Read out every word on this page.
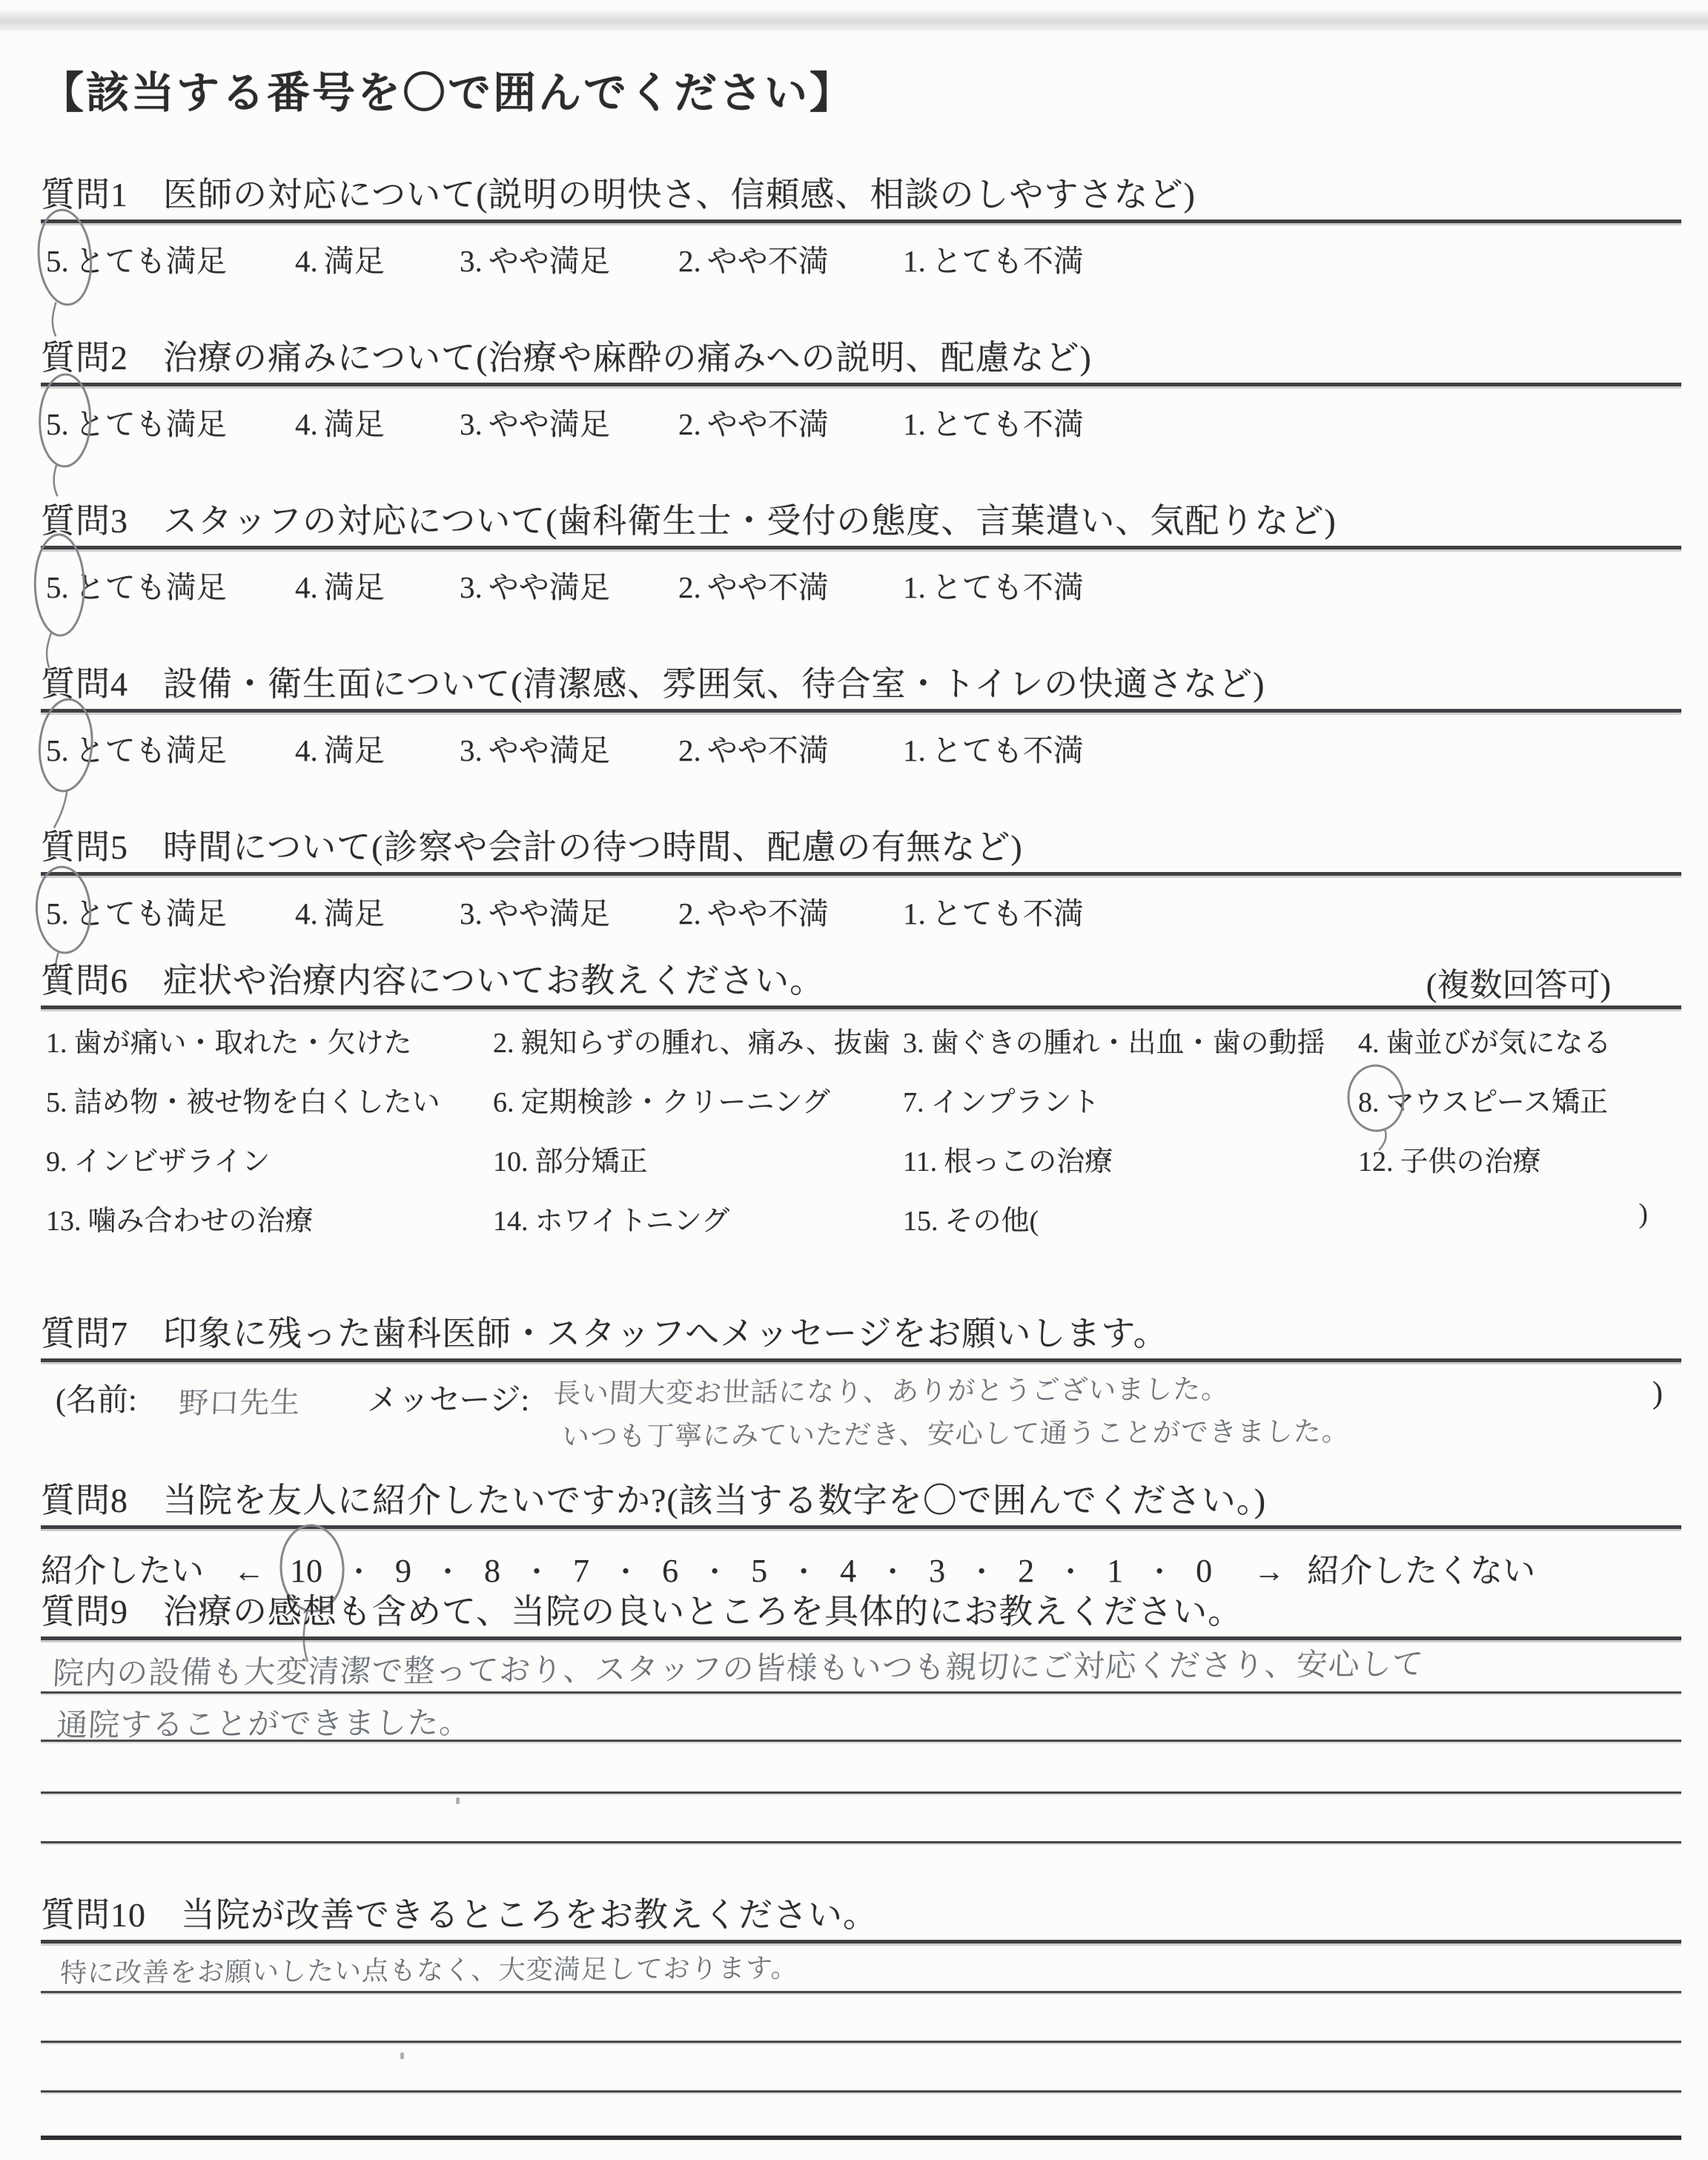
【該当する番号を〇で囲んでください】
質問1　医師の対応について(説明の明快さ、信頼感、相談のしやすさなど)
5. とても満足 4. 満足 3. やや満足 2. やや不満 1. とても不満
質問2　治療の痛みについて(治療や麻酔の痛みへの説明、配慮など)
5. とても満足 4. 満足 3. やや満足 2. やや不満 1. とても不満
質問3　スタッフの対応について(歯科衛生士・受付の態度、言葉遣い、気配りなど)
5. とても満足 4. 満足 3. やや満足 2. やや不満 1. とても不満
質問4　設備・衛生面について(清潔感、雰囲気、待合室・トイレの快適さなど)
5. とても満足 4. 満足 3. やや満足 2. やや不満 1. とても不満
質問5　時間について(診察や会計の待つ時間、配慮の有無など)
5. とても満足 4. 満足 3. やや満足 2. やや不満 1. とても不満
質問6　症状や治療内容についてお教えください。	(複数回答可)
1. 歯が痛い・取れた・欠けた	2. 親知らずの腫れ、痛み、抜歯 3. 歯ぐきの腫れ・出血・歯の動揺 4. 歯並びが気になる
5. 詰め物・被せ物を白くしたい 6. 定期検診・クリーニング	7. インプラント	8. マウスピース矯正
9. インビザライン	10. 部分矯正	11. 根っこの治療	12. 子供の治療
13. 噛み合わせの治療	14. ホワイトニング	15. その他(	)
質問7　印象に残った歯科医師・スタッフへメッセージをお願いします。
(名前: 野口先生 メッセージ: 長い間大変お世話になり、ありがとうございました。
いつも丁寧にみていただき、安心して通うことができました。
)
質問8　当院を友人に紹介したいですか?(該当する数字を〇で囲んでください。)
紹介したい ← 10 ・ 9 ・ 8 ・ 7 ・ 6 ・ 5 ・ 4 ・ 3 ・ 2 ・ 1 ・ 0 → 紹介したくない
質問9　治療の感想も含めて、当院の良いところを具体的にお教えください。
院内の設備も大変清潔で整っており、スタッフの皆様もいつも親切にご対応くださり、安心して
通院することができました。
質問10　当院が改善できるところをお教えください。
特に改善をお願いしたい点もなく、大変満足しております。
